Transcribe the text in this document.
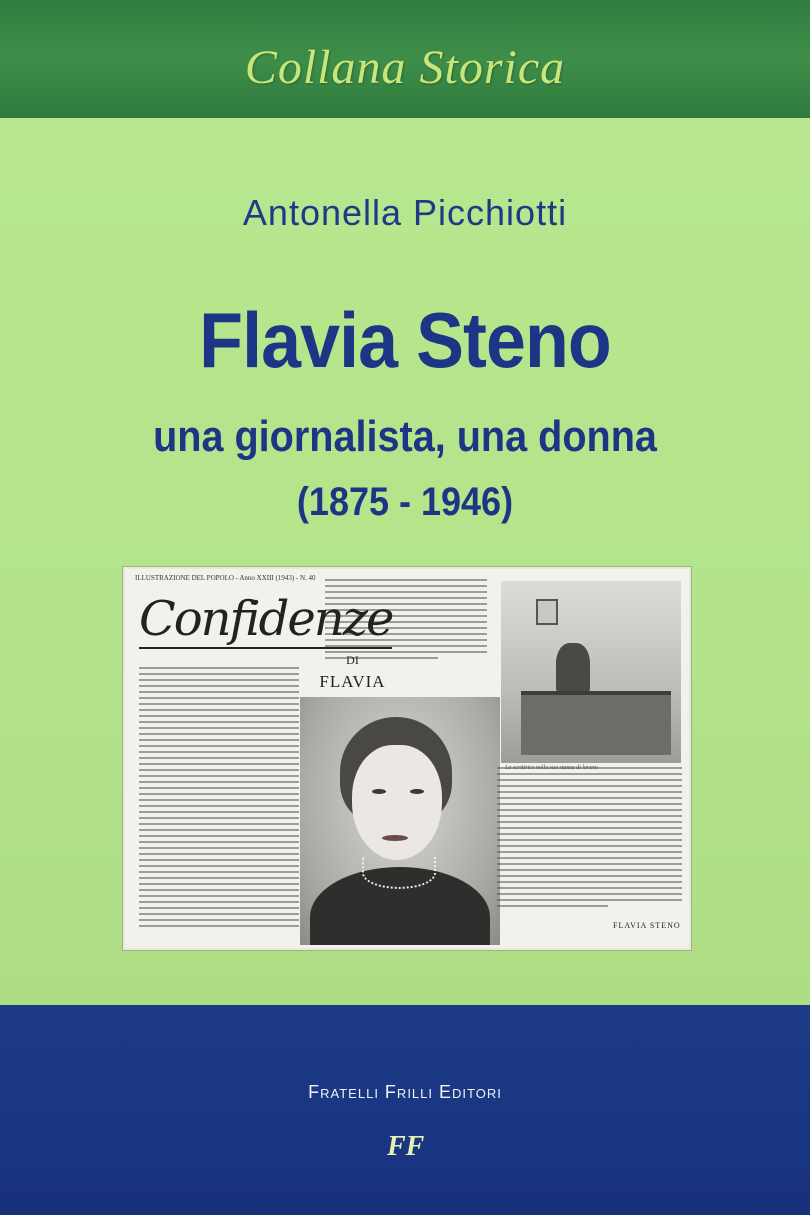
Collana Storica
Antonella Picchiotti
Flavia Steno
una giornalista, una donna
(1875 - 1946)
ILLUSTRAZIONE DEL POPOLO - Anno XXIII (1943) - N. 40
Confidenze
DI
FLAVIA
FLAVIA STENO
Fratelli Frilli Editori
FF
